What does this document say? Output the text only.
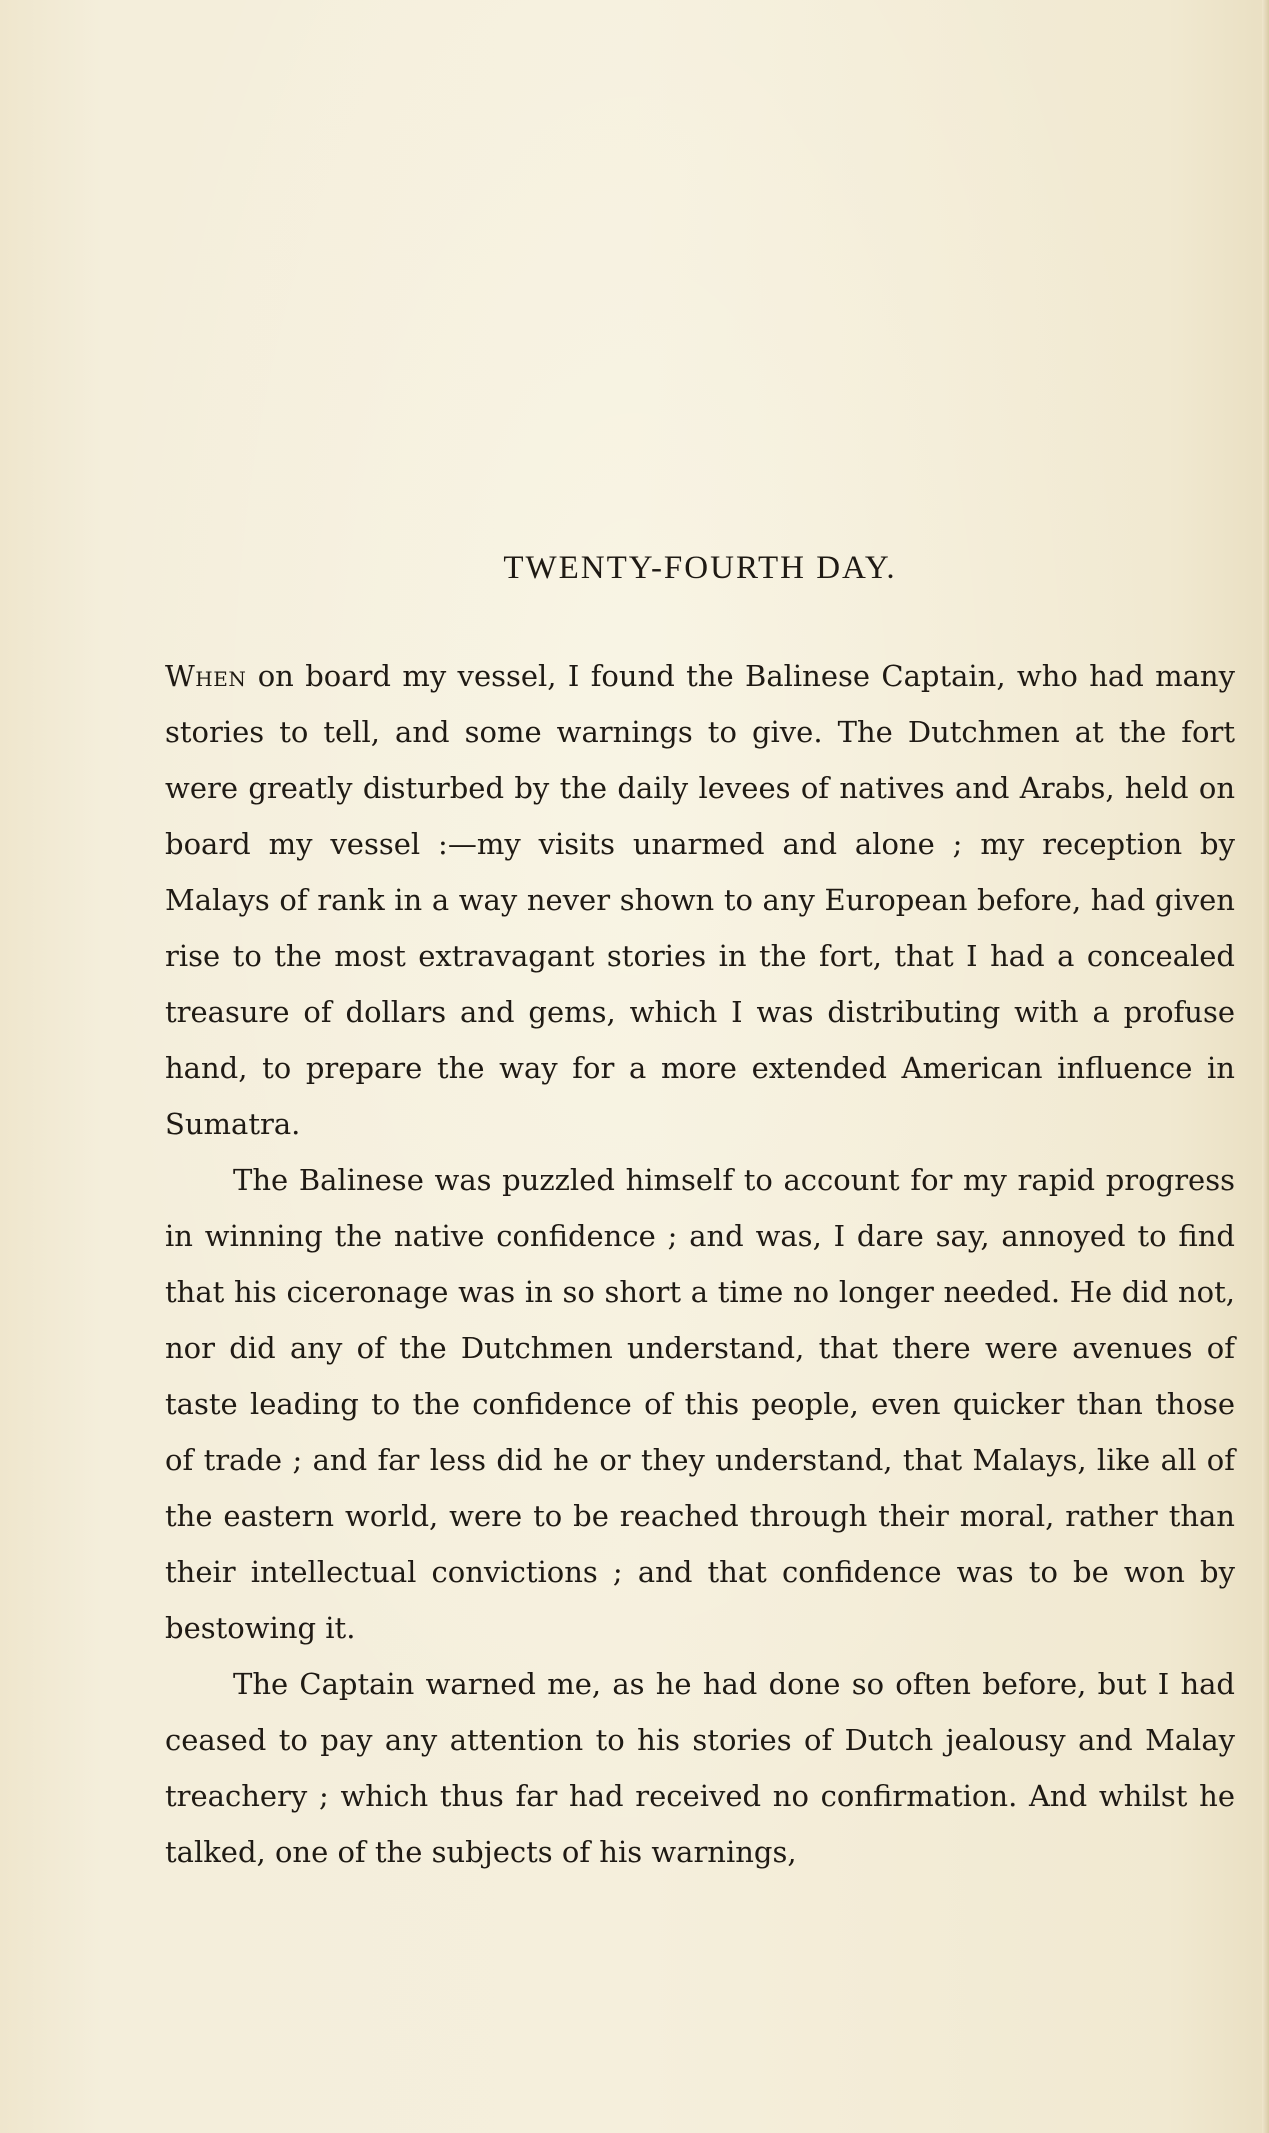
TWENTY-FOURTH DAY.

When on board my vessel, I found the Balinese Captain, who had many stories to tell, and some warnings to give. The Dutchmen at the fort were greatly disturbed by the daily levees of natives and Arabs, held on board my vessel :—my visits unarmed and alone ; my reception by Malays of rank in a way never shown to any European before, had given rise to the most extravagant stories in the fort, that I had a concealed treasure of dollars and gems, which I was distributing with a profuse hand, to prepare the way for a more extended American influence in Sumatra.

The Balinese was puzzled himself to account for my rapid progress in winning the native confidence ; and was, I dare say, annoyed to find that his ciceronage was in so short a time no longer needed. He did not, nor did any of the Dutchmen understand, that there were avenues of taste leading to the confidence of this people, even quicker than those of trade ; and far less did he or they understand, that Malays, like all of the eastern world, were to be reached through their moral, rather than their intellectual convictions ; and that confidence was to be won by bestowing it.

The Captain warned me, as he had done so often before, but I had ceased to pay any attention to his stories of Dutch jealousy and Malay treachery ; which thus far had received no confirmation. And whilst he talked, one of the subjects of his warnings,
